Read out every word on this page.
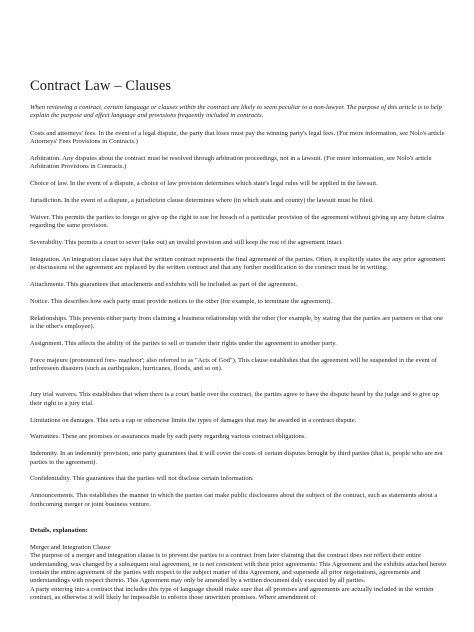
Contract Law – Clauses

When reviewing a contract, certain language or clauses within the contract are likely to seem peculiar to a non-lawyer. The purpose of this article is to help explain the purpose and effect language and provisions frequently included in contracts.

Costs and attorneys' fees. In the event of a legal dispute, the party that loses must pay the winning party's legal fees. (For more information, see Nolo's article Attorneys' Fees Provisions in Contracts.)

Arbitration. Any disputes about the contract must be resolved through arbitration proceedings, not in a lawsuit. (For more information, see Nolo's article Arbitration Provisions in Contracts.)

Choice of law. In the event of a dispute, a choice of law provision determines which state's legal rules will be applied in the lawsuit.

Jurisdiction. In the event of a dispute, a jurisdiction clause determines where (in which state and county) the lawsuit must be filed.

Waiver. This permits the parties to forego or give up the right to sue for breach of a particular provision of the agreement without giving up any future claims regarding the same provision.

Severability. This permits a court to sever (take out) an invalid provision and still keep the rest of the agreement intact.

Integration. An integration clause says that the written contract represents the final agreement of the parties. Often, it explicitly states the any prior agreement or discussions of the agreement are replaced by the written contract and that any further modification to the contract must be in writing.

Attachments. This guarantees that attachments and exhibits will be included as part of the agreement.

Notice. This describes how each party must provide notices to the other (for example, to terminate the agreement).

Relationships. This prevents either party from claiming a business relationship with the other (for example, by stating that the parties are partners or that one is the other's employee).

Assignment. This affects the ability of the parties to sell or transfer their rights under the agreement to another party.

Force majeure (pronounced fors- mazhoor'; also referred to as "Acts of God"). This clause establishes that the agreement will be suspended in the event of unforeseen disasters (such as earthquakes, hurricanes, floods, and so on).

Jury trial waivers. This establishes that when there is a court battle over the contract, the parties agree to have the dispute heard by the judge and to give up their right to a jury trial.

Limitations on damages. This sets a cap or otherwise limits the types of damages that may be awarded in a contract dispute.

Warranties. These are promises or assurances made by each party regarding various contract obligations.

Indemnity. In an indemnity provision, one party guarantees that it will cover the costs of certain disputes brought by third parties (that is, people who are not parties to the agreement).

Confidentiality. This guarantees that the parties will not disclose certain information.

Announcements. This establishes the manner in which the parties can make public disclosures about the subject of the contract, such as statements about a forthcoming merger or joint business venture.

Details, explanation:

Merger and Integration Clause

The purpose of a merger and integration clause is to prevent the parties to a contract from later claiming that the contract does not reflect their entire understanding, was changed by a subsequent oral agreement, or is not consistent with their prior agreements: This Agreement and the exhibits attached hereto contain the entire agreement of the parties with respect to the subject matter of this Agreement, and supersede all prior negotiations, agreements and understandings with respect thereto. This Agreement may only be amended by a written document duly executed by all parties.

A party entering into a contract that includes this type of language should make sure that all promises and agreements are actually included in the written contract, as otherwise it will likely be impossible to enforce those unwritten promises. Where amendment of
